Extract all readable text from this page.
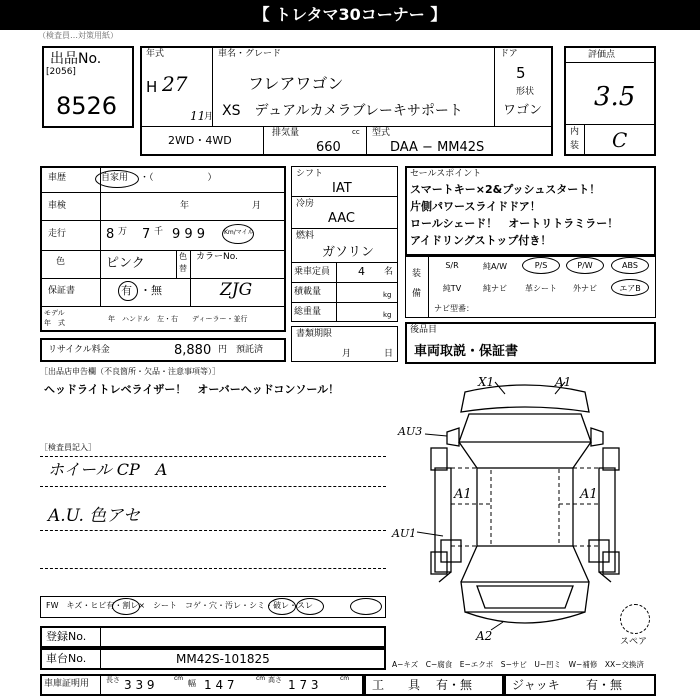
【 トレタマ30コーナー 】
（検査員…対策用紙）
出品No.
[2056]
8526
年式
H 27
11
月
車名・グレード
フレアワゴン
XS　デュアルカメラブレーキサポート
ドア
5
形状
ワゴン
2WD・4WD
排気量	cc
660
型式
DAA − MM42S
評価点
3.5
内
装 C
車歴	自家用 ・（　　　　　　）
車検	年	月
走行	8 万 7 千 9 9 9	Km/マイル
色	ピンク	色
替
カラーNo.
ZJG
保証書	有 ・無
モデル
年　式	年　ハンドル　左・右　　ディーラー・並行
リサイクル料金	8,880 円　預託済
シフト
IAT
冷房
AAC
燃料
ガソリン
乗車定員	4 名
積載量	kg
総重量	kg
書類期限
月	日
セールスポイント
スマートキー×2&プッシュスタート！
片側パワースライドドア！
ロールシェード！　オートリトラミラー！
アイドリングストップ付き！
装
備
S/R	純A/W	P/S	P/W	ABS
純TV	純ナビ	革シート	外ナビ	エアB
ナビ型番：
後品目
車両取説・保証書
［出品店申告欄（不良箇所・欠品・注意事項等）］
ヘッドライトレベライザー！　オーバーヘッドコンソール！
［検査員記入］
ホイール CP　A
A.U. 色アセ
X1	A1
AU3
A1	A1
AU1
A2	スペア
FW　キズ・ヒビ有・割レ×　シート　コゲ・穴・汚レ・シミ・破レ・スレ
登録No.
車台No.	MM42S-101825	A−キズ　C−腐食　E−エクボ　S−サビ　U−凹ミ　W−補修　XX−交換済
車庫証明用 長さ 3 3 9	cm
幅 1 4 7	cm 高さ 1 7 3	cm 工　　具 有・無	ジャッキ 有・無
